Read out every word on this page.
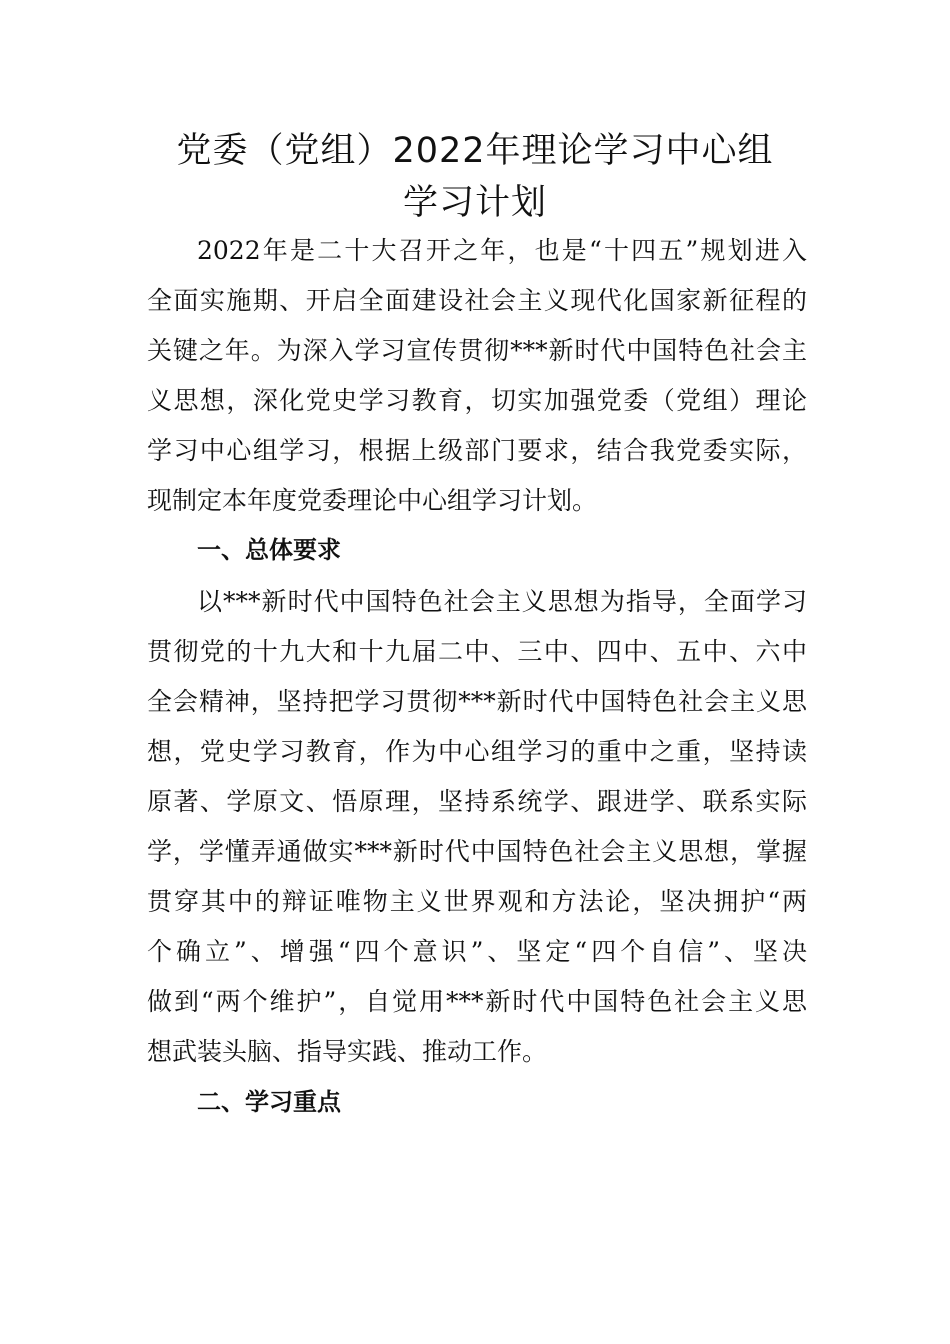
党委（党组）2022年理论学习中心组
学习计划
2022年是二十大召开之年，也是“十四五”规划进入
全面实施期、开启全面建设社会主义现代化国家新征程的
关键之年。为深入学习宣传贯彻***新时代中国特色社会主
义思想，深化党史学习教育，切实加强党委（党组）理论
学习中心组学习，根据上级部门要求，结合我党委实际，
现制定本年度党委理论中心组学习计划。
一、总体要求
以***新时代中国特色社会主义思想为指导，全面学习
贯彻党的十九大和十九届二中、三中、四中、五中、六中
全会精神，坚持把学习贯彻***新时代中国特色社会主义思
想，党史学习教育，作为中心组学习的重中之重，坚持读
原著、学原文、悟原理，坚持系统学、跟进学、联系实际
学，学懂弄通做实***新时代中国特色社会主义思想，掌握
贯穿其中的辩证唯物主义世界观和方法论，坚决拥护“两
个确立”、增强“四个意识”、坚定“四个自信”、坚决
做到“两个维护”，自觉用***新时代中国特色社会主义思
想武装头脑、指导实践、推动工作。
二、学习重点
